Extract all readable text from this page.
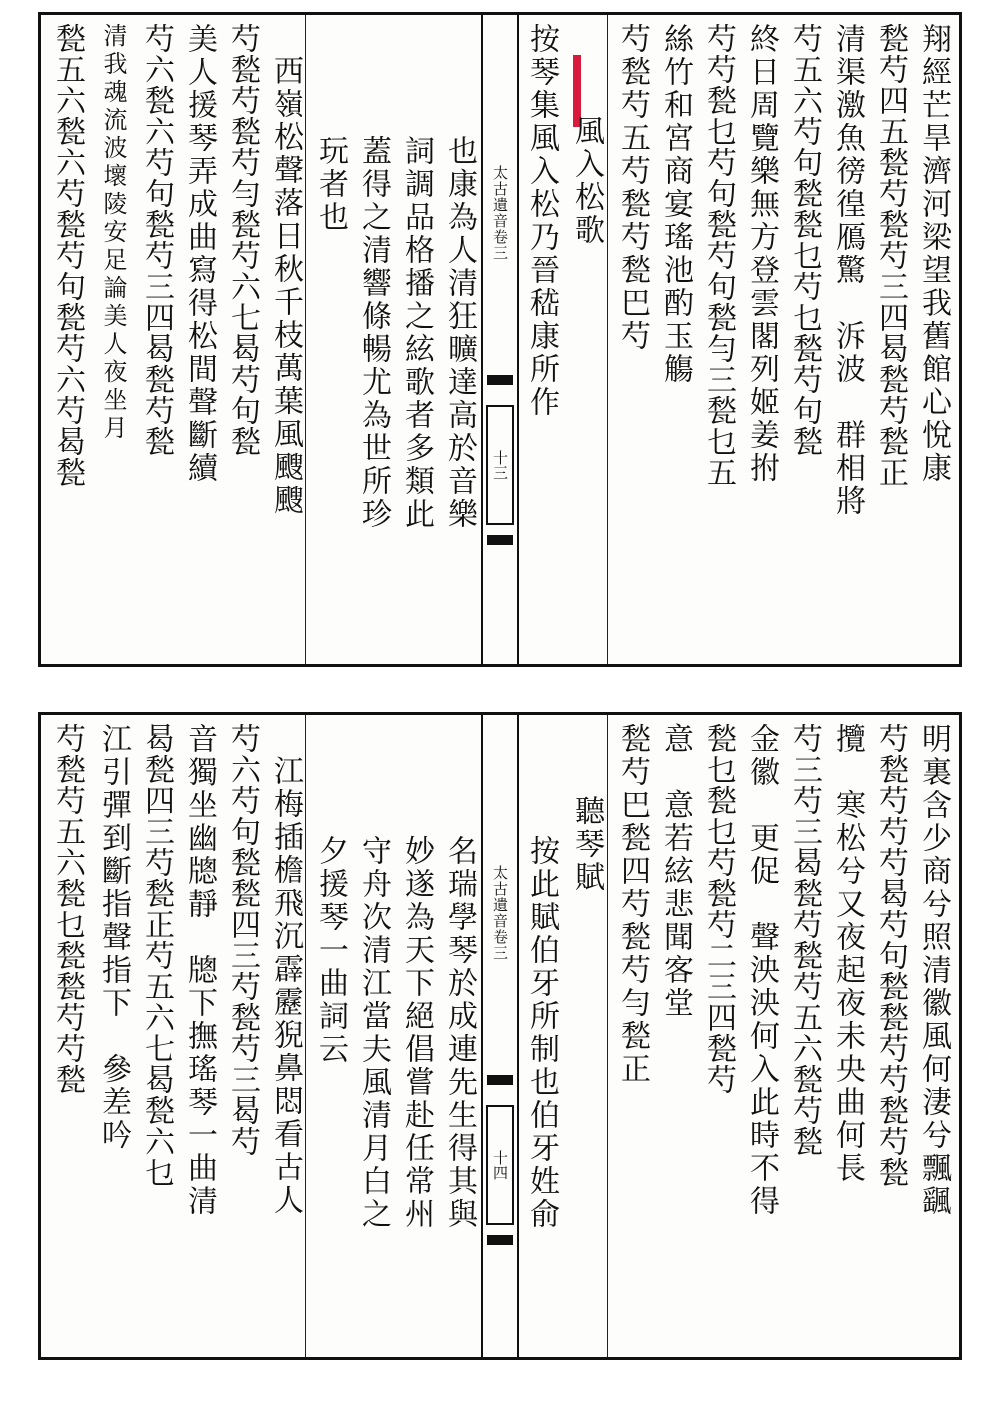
翔經芒旱濟河梁望我舊館心悅康
甃芍四五甃芍甃芍三四曷甃芍甃正
清渠激魚徬徨鴈驚　泝波　群相將
芍五六芍句甃甃乜芍乜甃芍句甃
終日周覽樂無方登雲閣列姬姜拊
芍芍甃乜芍句甃芍句甃勻三甃乜五
絲竹和宮商宴瑤池酌玉觴
芍甃芍五芍甃芍甃巴芍
風入松歌
按琴集風入松乃晉嵇康所作
太古遺音卷三
十三
也康為人清狂曠達高於音樂
詞調品格播之絃歌者多類此
蓋得之清響條暢尤為世所珍
玩者也
西嶺松聲落日秋千枝萬葉風颼颼
芍甃芍甃芍勻甃芍六七曷芍句甃
美人援琴弄成曲寫得松間聲斷續
芍六甃六芍句甃芍三四曷甃芍甃
清我魂流波壞陵安足論美人夜坐月
甃五六甃六芍甃芍句甃芍六芍曷甃
明裏含少商兮照清徽風何淒兮飄颻
芍甃芍芍芍曷芍句甃甃芍芍甃芍甃
攬　寒松兮又夜起夜未央曲何長
芍三芍三曷甃芍甃芍五六甃芍甃
金徽　更促　聲泱泱何入此時不得
甃乜甃乜芍甃芍二三四甃芍
意　意若絃悲聞客堂
甃芍巴甃四芍甃芍勻甃正
聽琴賦
按此賦伯牙所制也伯牙姓俞
太古遺音卷三
十四
名瑞學琴於成連先生得其與
妙遂為天下絕倡嘗赴任常州
守舟次清江當夫風清月白之
夕援琴一曲詞云
江梅插檐飛沉霹靂猊鼻悶看古人
芍六芍句甃甃四三芍甃芍三曷芍
音獨坐幽牕靜　牕下撫瑤琴一曲清
曷甃四三芍甃正芍五六七曷甃六乜
江引彈到斷指聲指下　參差吟
芍甃芍五六甃乜甃甃芍芍甃
